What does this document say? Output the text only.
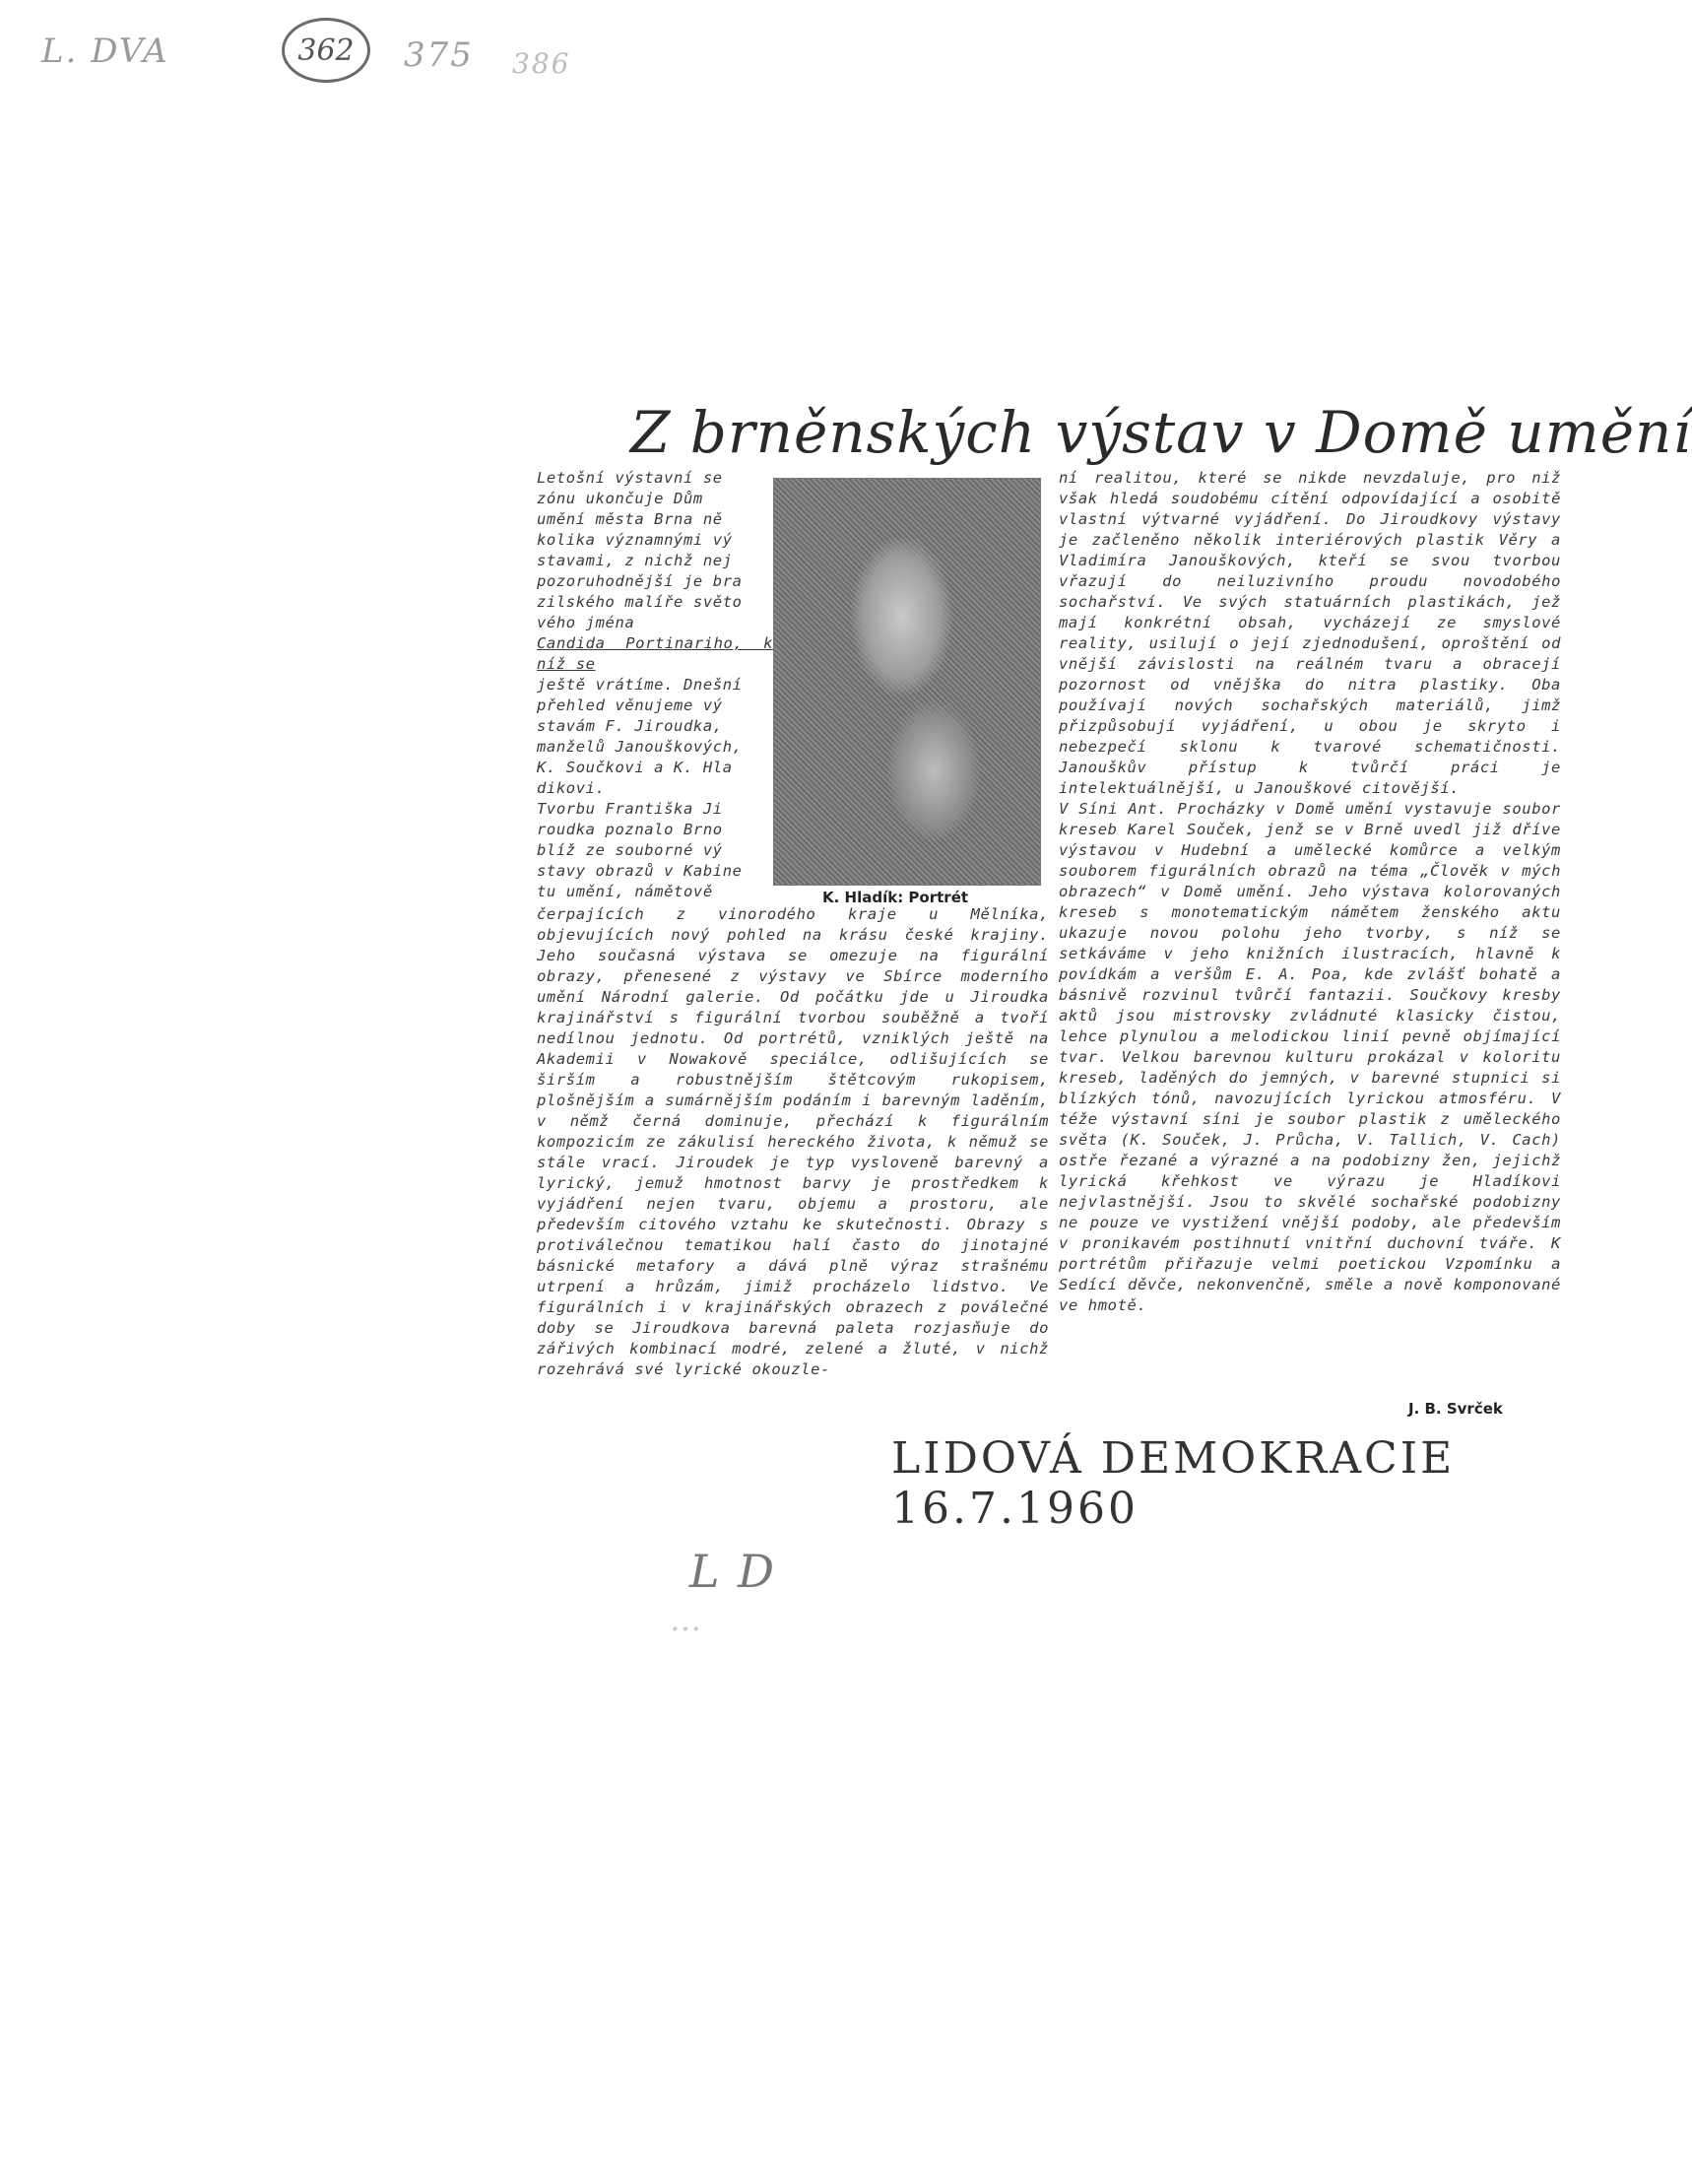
L. DVA	362 375 386
Z brněnských výstav v Domě umění

Letošní výstavní se

zónu ukončuje Dům

umění města Brna ně

kolika významnými vý

stavami, z nichž nej

pozoruhodnější je bra

zilského malíře světo

vého jména

Candida Portinariho, k níž se

ještě vrátíme. Dnešní

přehled věnujeme vý

stavám F. Jiroudka,

manželů Janouškových,

K. Součkovi a K. Hla

dikovi.

Tvorbu Františka Ji

roudka poznalo Brno

blíž ze souborné vý

stavy obrazů v Kabine

tu umění, námětově	K. Hladík: Portrét

čerpajících z vinorodého kraje u Mělníka, objevujících nový pohled na krásu české krajiny. Jeho současná výstava se omezuje na figurální obrazy, přenesené z výstavy ve Sbírce moderního umění Národní galerie. Od počátku jde u Jiroudka krajinářství s figurální tvorbou souběžně a tvoří nedílnou jednotu. Od portrétů, vzniklých ještě na Akademii v Nowakově speciálce, odlišujících se širším a robustnějším štětcovým rukopisem, plošnějším a sumárnějším podáním i barevným laděním, v němž černá dominuje, přechází k figurálním kompozicím ze zákulisí hereckého života, k němuž se stále vrací. Jiroudek je typ vysloveně barevný a lyrický, jemuž hmotnost barvy je prostředkem k vyjádření nejen tvaru, objemu a prostoru, ale především citového vztahu ke skutečnosti. Obrazy s protiválečnou tematikou halí často do jinotajné básnické metafory a dává plně výraz strašnému utrpení a hrůzám, jimiž procházelo lidstvo. Ve figurálních i v krajinářských obrazech z poválečné doby se Jiroudkova barevná paleta rozjasňuje do zářivých kombinací modré, zelené a žluté, v nichž rozehrává své lyrické okouzle-

ní realitou, které se nikde nevzdaluje, pro niž však hledá soudobému cítění odpovídající a osobitě vlastní výtvarné vyjádření. Do Jiroudkovy výstavy je začleněno několik interiérových plastik Věry a Vladimíra Janouškových, kteří se svou tvorbou vřazují do neiluzivního proudu novodobého sochařství. Ve svých statuárních plastikách, jež mají konkrétní obsah, vycházejí ze smyslové reality, usilují o její zjednodušení, oproštění od vnější závislosti na reálném tvaru a obracejí pozornost od vnějška do nitra plastiky. Oba používají nových sochařských materiálů, jimž přizpůsobují vyjádření, u obou je skryto i nebezpečí sklonu k tvarové schematičnosti. Janouškův přístup k tvůrčí práci je intelektuálnější, u Janouškové citovější.
V Síni Ant. Procházky v Domě umění vystavuje soubor kreseb Karel Souček, jenž se v Brně uvedl již dříve výstavou v Hudební a umělecké komůrce a velkým souborem figurálních obrazů na téma „Člověk v mých obrazech“ v Domě umění. Jeho výstava kolorovaných kreseb s monotematickým námětem ženského aktu ukazuje novou polohu jeho tvorby, s níž se setkáváme v jeho knižních ilustracích, hlavně k povídkám a veršům E. A. Poa, kde zvlášť bohatě a básnivě rozvinul tvůrčí fantazii. Součkovy kresby aktů jsou mistrovsky zvládnuté klasicky čistou, lehce plynulou a melodickou linií pevně objímající tvar. Velkou barevnou kulturu prokázal v koloritu kreseb, laděných do jemných, v barevné stupnici si blízkých tónů, navozujících lyrickou atmosféru. V téže výstavní síni je soubor plastik z uměleckého světa (K. Souček, J. Průcha, V. Tallich, V. Cach) ostře řezané a výrazné a na podobizny žen, jejichž lyrická křehkost ve výrazu je Hladíkovi nejvlastnější. Jsou to skvělé sochařské podobizny ne pouze ve vystižení vnější podoby, ale především v pronikavém postihnutí vnitřní duchovní tváře. K portrétům přiřazuje velmi poetickou Vzpomínku a Sedící děvče, nekonvenčně, směle a nově komponované ve hmotě.

J. B. Svrček
LIDOVÁ DEMOKRACIE 16.7.1960
L D
…
